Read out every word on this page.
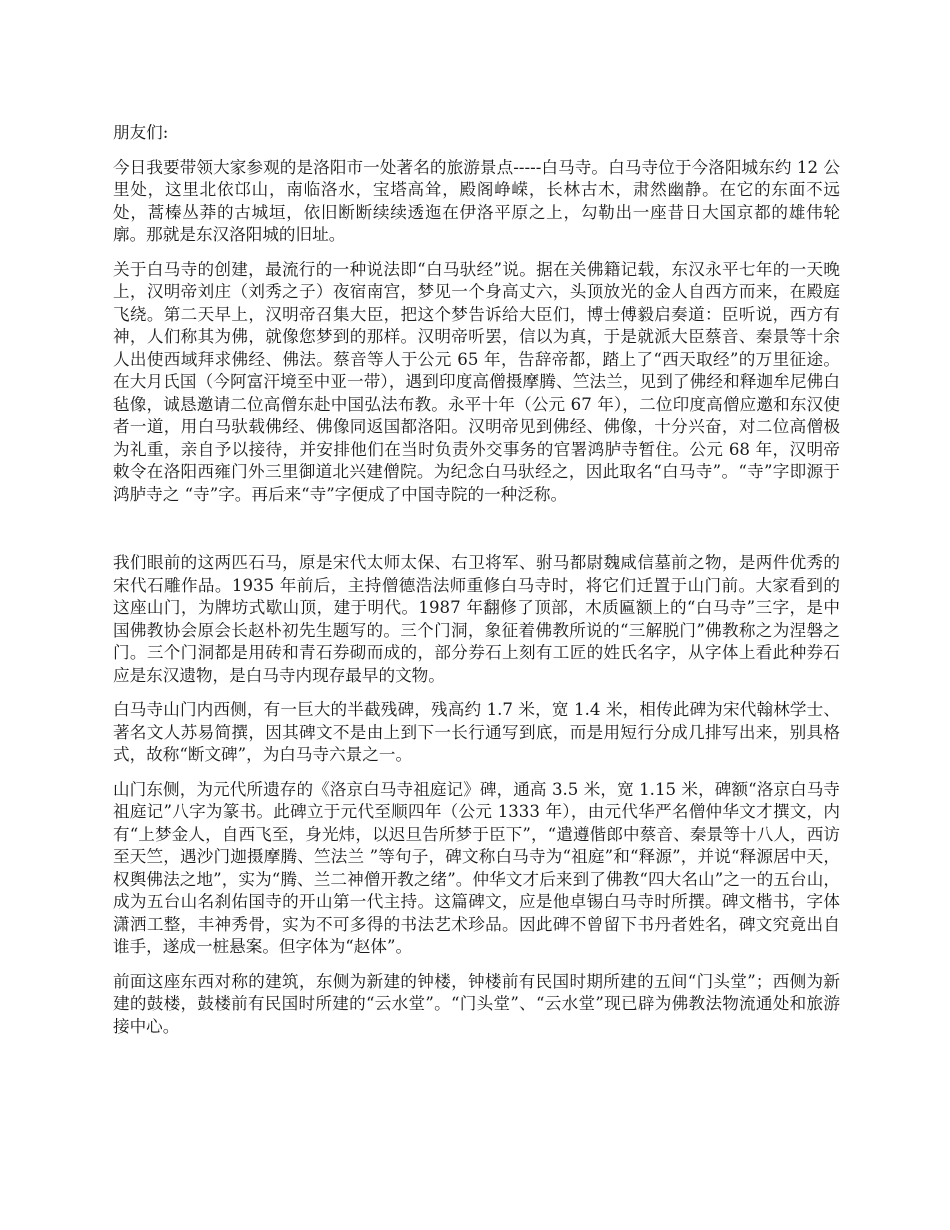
朋友们:

今日我要带领大家参观的是洛阳市一处著名的旅游景点-----白马寺。白马寺位于今洛阳城东约 12 公里处，这里北依邙山，南临洛水，宝塔高耸，殿阁峥嵘，长林古木，肃然幽静。在它的东面不远处，蒿榛丛莽的古城垣，依旧断断续续透迤在伊洛平原之上，勾勒出一座昔日大国京都的雄伟轮廓。那就是东汉洛阳城的旧址。

关于白马寺的创建，最流行的一种说法即“白马驮经”说。据在关佛籍记载，东汉永平七年的一天晚上，汉明帝刘庄（刘秀之子）夜宿南宫，梦见一个身高丈六，头顶放光的金人自西方而来，在殿庭飞绕。第二天早上，汉明帝召集大臣，把这个梦告诉给大臣们，博士傅毅启奏道：臣听说，西方有神，人们称其为佛，就像您梦到的那样。汉明帝听罢，信以为真，于是就派大臣蔡音、秦景等十余人出使西域拜求佛经、佛法。蔡音等人于公元 65 年，告辞帝都，踏上了“西天取经”的万里征途。在大月氏国（今阿富汗境至中亚一带），遇到印度高僧摄摩腾、竺法兰，见到了佛经和释迦牟尼佛白毡像，诚恳邀请二位高僧东赴中国弘法布教。永平十年（公元 67 年），二位印度高僧应邀和东汉使者一道，用白马驮载佛经、佛像同返国都洛阳。汉明帝见到佛经、佛像，十分兴奋，对二位高僧极为礼重，亲自予以接待，并安排他们在当时负责外交事务的官署鸿胪寺暂住。公元 68 年，汉明帝敕令在洛阳西雍门外三里御道北兴建僧院。为纪念白马驮经之，因此取名“白马寺”。“寺”字即源于鸿胪寺之 “寺”字。再后来“寺”字便成了中国寺院的一种泛称。

我们眼前的这两匹石马，原是宋代太师太保、右卫将军、驸马都尉魏咸信墓前之物，是两件优秀的宋代石雕作品。1935 年前后，主持僧德浩法师重修白马寺时，将它们迁置于山门前。大家看到的这座山门，为牌坊式歇山顶，建于明代。1987 年翻修了顶部，木质匾额上的“白马寺”三字，是中国佛教协会原会长赵朴初先生题写的。三个门洞，象征着佛教所说的“三解脱门”佛教称之为涅磐之门。三个门洞都是用砖和青石券砌而成的，部分券石上刻有工匠的姓氏名字，从字体上看此种券石应是东汉遗物，是白马寺内现存最早的文物。

白马寺山门内西侧，有一巨大的半截残碑，残高约 1.7 米，宽 1.4 米，相传此碑为宋代翰林学士、著名文人苏易简撰，因其碑文不是由上到下一长行通写到底，而是用短行分成几排写出来，别具格式，故称“断文碑”，为白马寺六景之一。

山门东侧，为元代所遗存的《洛京白马寺祖庭记》碑，通高 3.5 米，宽 1.15 米，碑额“洛京白马寺祖庭记”八字为篆书。此碑立于元代至顺四年（公元 1333 年），由元代华严名僧仲华文才撰文，内有“上梦金人，自西飞至，身光炜，以迟旦告所梦于臣下”，“遣遵偕郎中蔡音、秦景等十八人，西访至天竺，遇沙门迦摄摩腾、竺法兰 ”等句子，碑文称白马寺为“祖庭”和“释源”，并说“释源居中天，权舆佛法之地”，实为“腾、兰二神僧开教之绪”。仲华文才后来到了佛教“四大名山”之一的五台山，成为五台山名刹佑国寺的开山第一代主持。这篇碑文，应是他卓锡白马寺时所撰。碑文楷书，字体潇洒工整，丰神秀骨，实为不可多得的书法艺术珍品。因此碑不曾留下书丹者姓名，碑文究竟出自谁手，遂成一桩悬案。但字体为“赵体”。

前面这座东西对称的建筑，东侧为新建的钟楼，钟楼前有民国时期所建的五间“门头堂”；西侧为新建的鼓楼，鼓楼前有民国时所建的“云水堂”。“门头堂”、“云水堂”现已辟为佛教法物流通处和旅游接中心。
